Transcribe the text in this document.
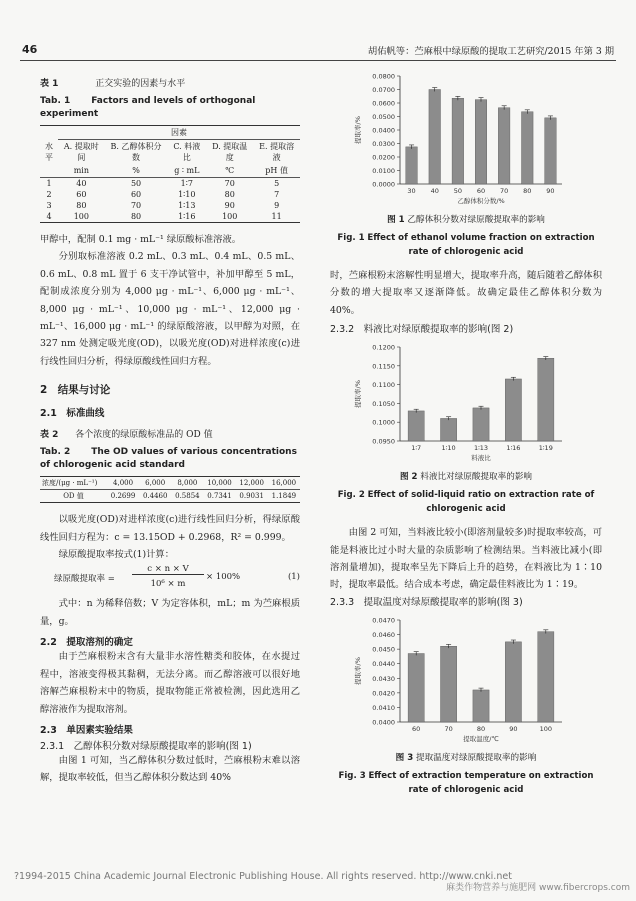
46	胡佑帆等：苎麻根中绿原酸的提取工艺研究/2015 年第 3 期
表 1	正交实验的因素与水平
Tab. 1 Factors and levels of orthogonal experiment
水平	因素				
	A. 提取时间	B. 乙醇体积分数	C. 料液比	D. 提取温度	E. 提取溶液
	min	%	g ∶ mL	℃	pH 值
1	40	50	1∶7	70	5
2	60	60	1∶10	80	7
3	80	70	1∶13	90	9
4	100	80	1∶16	100	11

甲醇中，配制 0.1 mg · mL⁻¹ 绿原酸标准溶液。

分别取标准溶液 0.2 mL、0.3 mL、0.4 mL、0.5 mL、0.6 mL、0.8 mL 置于 6 支干净试管中，补加甲醇至 5 mL，配制成浓度分别为 4,000 μg · mL⁻¹、6,000 μg · mL⁻¹、8,000 μg · mL⁻¹、10,000 μg · mL⁻¹、12,000 μg · mL⁻¹、16,000 μg · mL⁻¹ 的绿原酸溶液，以甲醇为对照，在 327 nm 处测定吸光度(OD)，以吸光度(OD)对进样浓度(c)进行线性回归分析，得绿原酸线性回归方程。

2　结果与讨论
2.1　标准曲线
表 2 各个浓度的绿原酸标准品的 OD 值
Tab. 2 The OD values of various concentrations of chlorogenic acid standard
浓度/(μg · mL⁻¹)	4,000	6,000	8,000	10,000	12,000	16,000
OD 值	0.2699	0.4460	0.5854	0.7341	0.9031	1.1849

以吸光度(OD)对进样浓度(c)进行线性回归分析，得绿原酸线性回归方程为：c = 13.15OD + 0.2968，R² = 0.999。

绿原酸提取率按式(1)计算：

绿原酸提取率 =
c × n × V
10⁶ × m
× 100%	(1)

式中：n 为稀释倍数；V 为定容体积，mL；m 为苎麻根质量，g。

2.2　提取溶剂的确定

由于苎麻根粉末含有大量非水溶性糖类和胶体，在水提过程中，溶液变得极其黏稠，无法分离。而乙醇溶液可以很好地溶解苎麻根粉末中的物质，提取物能正常被检测，因此选用乙醇溶液作为提取溶剂。

2.3　单因素实验结果
2.3.1　乙醇体积分数对绿原酸提取率的影响(图 1)

由图 1 可知，当乙醇体积分数过低时，苎麻根粉末难以溶解，提取率较低，但当乙醇体积分数达到 40%

0.0000
0.0100
0.0200
0.0300
0.0400
0.0500
0.0600
0.0700
0.0800
30 40 50 60 70 80 90
乙醇体积分数/%
提取率/%
图 1 乙醇体积分数对绿原酸提取率的影响
Fig. 1 Effect of ethanol volume fraction on extraction rate of chlorogenic acid

时，苎麻根粉末溶解性明显增大，提取率升高，随后随着乙醇体积分数的增大提取率又逐渐降低。故确定最佳乙醇体积分数为 40%。

2.3.2　料液比对绿原酸提取率的影响(图 2)
0.0950
0.1000
0.1050
0.1100
0.1150
0.1200
1∶7	1∶10	1∶13	1∶16	1∶19
料液比
提取率/%
图 2 料液比对绿原酸提取率的影响
Fig. 2 Effect of solid-liquid ratio on extraction rate of chlorogenic acid

由图 2 可知，当料液比较小(即溶剂量较多)时提取率较高，可能是料液比过小时大量的杂质影响了检测结果。当料液比减小(即溶剂量增加)，提取率呈先下降后上升的趋势，在料液比为 1∶10 时，提取率最低。结合成本考虑，确定最佳料液比为 1∶19。

2.3.3　提取温度对绿原酸提取率的影响(图 3)
0.0400
0.0410
0.0420
0.0430
0.0440
0.0450
0.0460
0.0470
60	70	80	90	100
提取温度/℃
提取率/%
图 3 提取温度对绿原酸提取率的影响
Fig. 3 Effect of extraction temperature on extraction rate of chlorogenic acid
?1994-2015 China Academic Journal Electronic Publishing House. All rights reserved. http://www.cnki.net
麻类作物营养与施肥网 www.fibercrops.com
